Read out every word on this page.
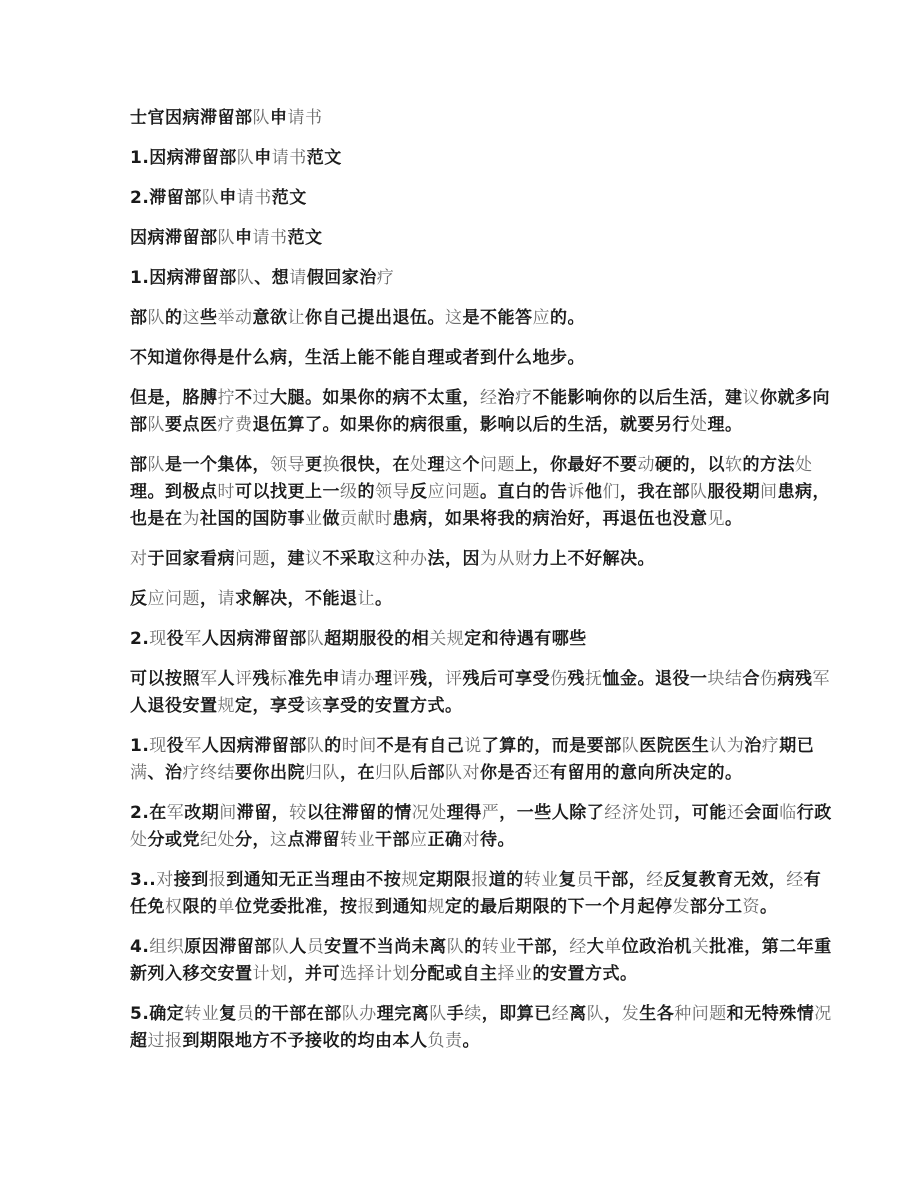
士官因病滞留部队申请书

1.因病滞留部队申请书范文

2.滞留部队申请书范文

因病滞留部队申请书范文

1.因病滞留部队、想请假回家治疗

部队的这些举动意欲让你自己提出退伍。这是不能答应的。

不知道你得是什么病，生活上能不能自理或者到什么地步。

但是，胳膊拧不过大腿。如果你的病不太重，经治疗不能影响你的以后生活，建议你就多向部队要点医疗费退伍算了。如果你的病很重，影响以后的生活，就要另行处理。

部队是一个集体，领导更换很快，在处理这个问题上，你最好不要动硬的，以软的方法处理。到极点时可以找更上一级的领导反应问题。直白的告诉他们，我在部队服役期间患病，也是在为社国的国防事业做贡献时患病，如果将我的病治好，再退伍也没意见。

对于回家看病问题，建议不采取这种办法，因为从财力上不好解决。

反应问题，请求解决，不能退让。

2.现役军人因病滞留部队超期服役的相关规定和待遇有哪些

可以按照军人评残标准先申请办理评残，评残后可享受伤残抚恤金。退役一块结合伤病残军人退役安置规定，享受该享受的安置方式。

1.现役军人因病滞留部队的时间不是有自己说了算的，而是要部队医院医生认为治疗期已满、治疗终结要你出院归队，在归队后部队对你是否还有留用的意向所决定的。

2.在军改期间滞留，较以往滞留的情况处理得严，一些人除了经济处罚，可能还会面临行政处分或党纪处分，这点滞留转业干部应正确对待。

3..对接到报到通知无正当理由不按规定期限报道的转业复员干部，经反复教育无效，经有任免权限的单位党委批准，按报到通知规定的最后期限的下一个月起停发部分工资。

4.组织原因滞留部队人员安置不当尚未离队的转业干部，经大单位政治机关批准，第二年重新列入移交安置计划，并可选择计划分配或自主择业的安置方式。

5.确定转业复员的干部在部队办理完离队手续，即算已经离队，发生各种问题和无特殊情况超过报到期限地方不予接收的均由本人负责。
